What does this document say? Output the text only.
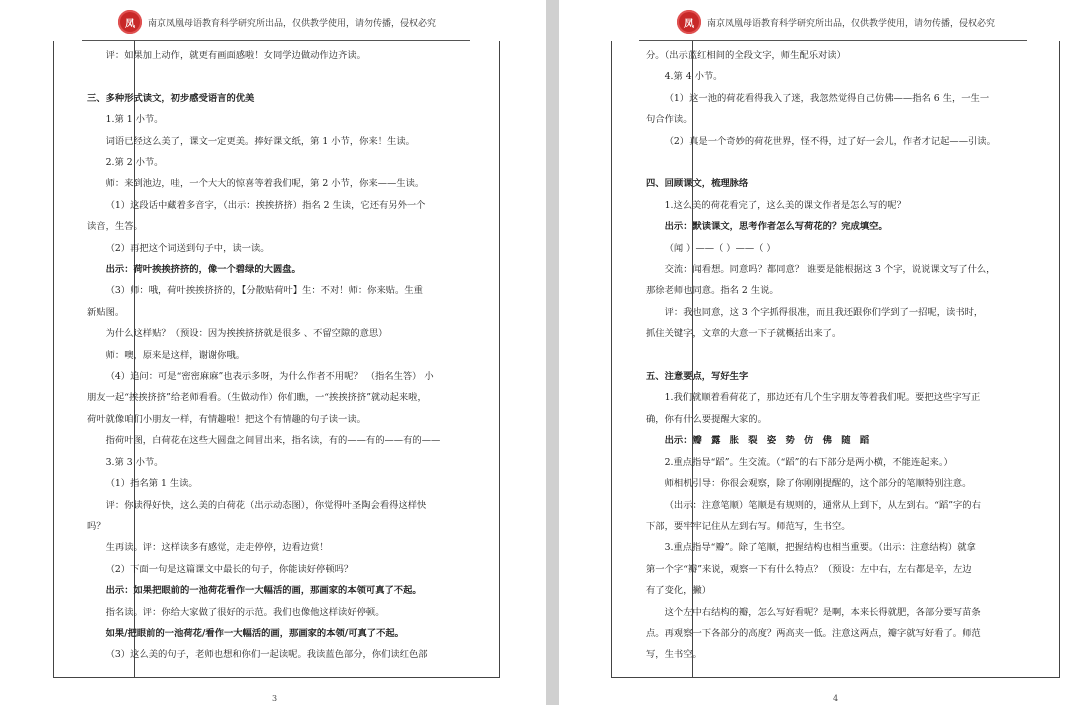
凤	南京凤凰母语教育科学研究所出品，仅供教学使用，请勿传播，侵权必究

评：如果加上动作，就更有画面感啦！女同学边做动作边齐读。

三、多种形式读文，初步感受语言的优美

1.第 1 小节。

词语已经这么美了，课文一定更美。捧好课文纸，第 1 小节，你来！生读。

2.第 2 小节。

师：来到池边，哇，一个大大的惊喜等着我们呢，第 2 小节，你来——生读。

（1）这段话中藏着多音字，（出示：挨挨挤挤）指名 2 生读，它还有另外一个

读音，生答。

（2）再把这个词送到句子中，读一读。

出示：荷叶挨挨挤挤的，像一个碧绿的大圆盘。

（3）师：哦，荷叶挨挨挤挤的，【分散贴荷叶】生：不对！师：你来贴。生重

新贴图。

为什么这样贴？（预设：因为挨挨挤挤就是很多 、不留空隙的意思）

师：噢，原来是这样，谢谢你哦。

（4）追问：可是“密密麻麻”也表示多呀，为什么作者不用呢？ （指名生答） 小

朋友一起“挨挨挤挤”给老师看看。（生做动作）你们瞧，一“挨挨挤挤”就动起来啦，

荷叶就像咱们小朋友一样，有情趣啦！把这个有情趣的句子读一读。

指荷叶图，白荷花在这些大圆盘之间冒出来，指名读，有的——有的——有的——

3.第 3 小节。

（1）指名第 1 生读。

评：你读得好快，这么美的白荷花（出示动态图），你觉得叶圣陶会看得这样快

吗？

生再读。评：这样读多有感觉，走走停停，边看边赏！

（2）下面一句是这篇课文中最长的句子，你能读好停顿吗？

出示：如果把眼前的一池荷花看作一大幅活的画，那画家的本领可真了不起。

指名读。评：你给大家做了很好的示范。我们也像他这样读好停顿。

如果/把眼前的一池荷花/看作一大幅活的画，那画家的本领/可真了不起。

（3）这么美的句子，老师也想和你们一起读呢。我读蓝色部分，你们读红色部

3
凤	南京凤凰母语教育科学研究所出品，仅供教学使用，请勿传播，侵权必究

分。（出示蓝红相间的全段文字，师生配乐对读）

4.第 4 小节。

（1）这一池的荷花看得我入了迷，我忽然觉得自己仿佛——指名 6 生，一生一

句合作读。

（2）真是一个奇妙的荷花世界，怪不得，过了好一会儿，作者才记起——引读。

四、回顾课文，梳理脉络

1.这么美的荷花看完了，这么美的课文作者是怎么写的呢？

出示：默读课文，思考作者怎么写荷花的？完成填空。

（闻 ）——（ ）——（ ）

交流：闻看想。同意吗？都同意？ 谁要是能根据这 3 个字，说说课文写了什么，

那徐老师也同意。指名 2 生说。

评：我也同意，这 3 个字抓得很准，而且我还跟你们学到了一招呢，读书时，

抓住关键字，文章的大意一下子就概括出来了。

五、注意要点，写好生字

1.我们就顺着看荷花了，那边还有几个生字朋友等着我们呢。要把这些字写正

确，你有什么要提醒大家的。

出示：瓣　露　胀　裂　姿　势　仿　佛　随　蹈

2.重点指导“蹈”。生交流。（“蹈”的右下部分是两小横，不能连起来。）

师相机引导：你很会观察，除了你刚刚提醒的，这个部分的笔顺特别注意。

（出示：注意笔顺）笔顺是有规则的，通常从上到下，从左到右。“蹈”字的右

下部，要牢牢记住从左到右写。师范写，生书空。

3.重点指导“瓣”。除了笔顺，把握结构也相当重要。（出示：注意结构）就拿

第一个字“瓣”来说，观察一下有什么特点？（预设：左中右，左右都是辛，左边

有了变化，撇）

这个左中右结构的瓣，怎么写好看呢？是啊，本来长得就肥，各部分要写苗条

点。再观察一下各部分的高度？两高夹一低。注意这两点，瓣字就写好看了。师范

写，生书空。

4
